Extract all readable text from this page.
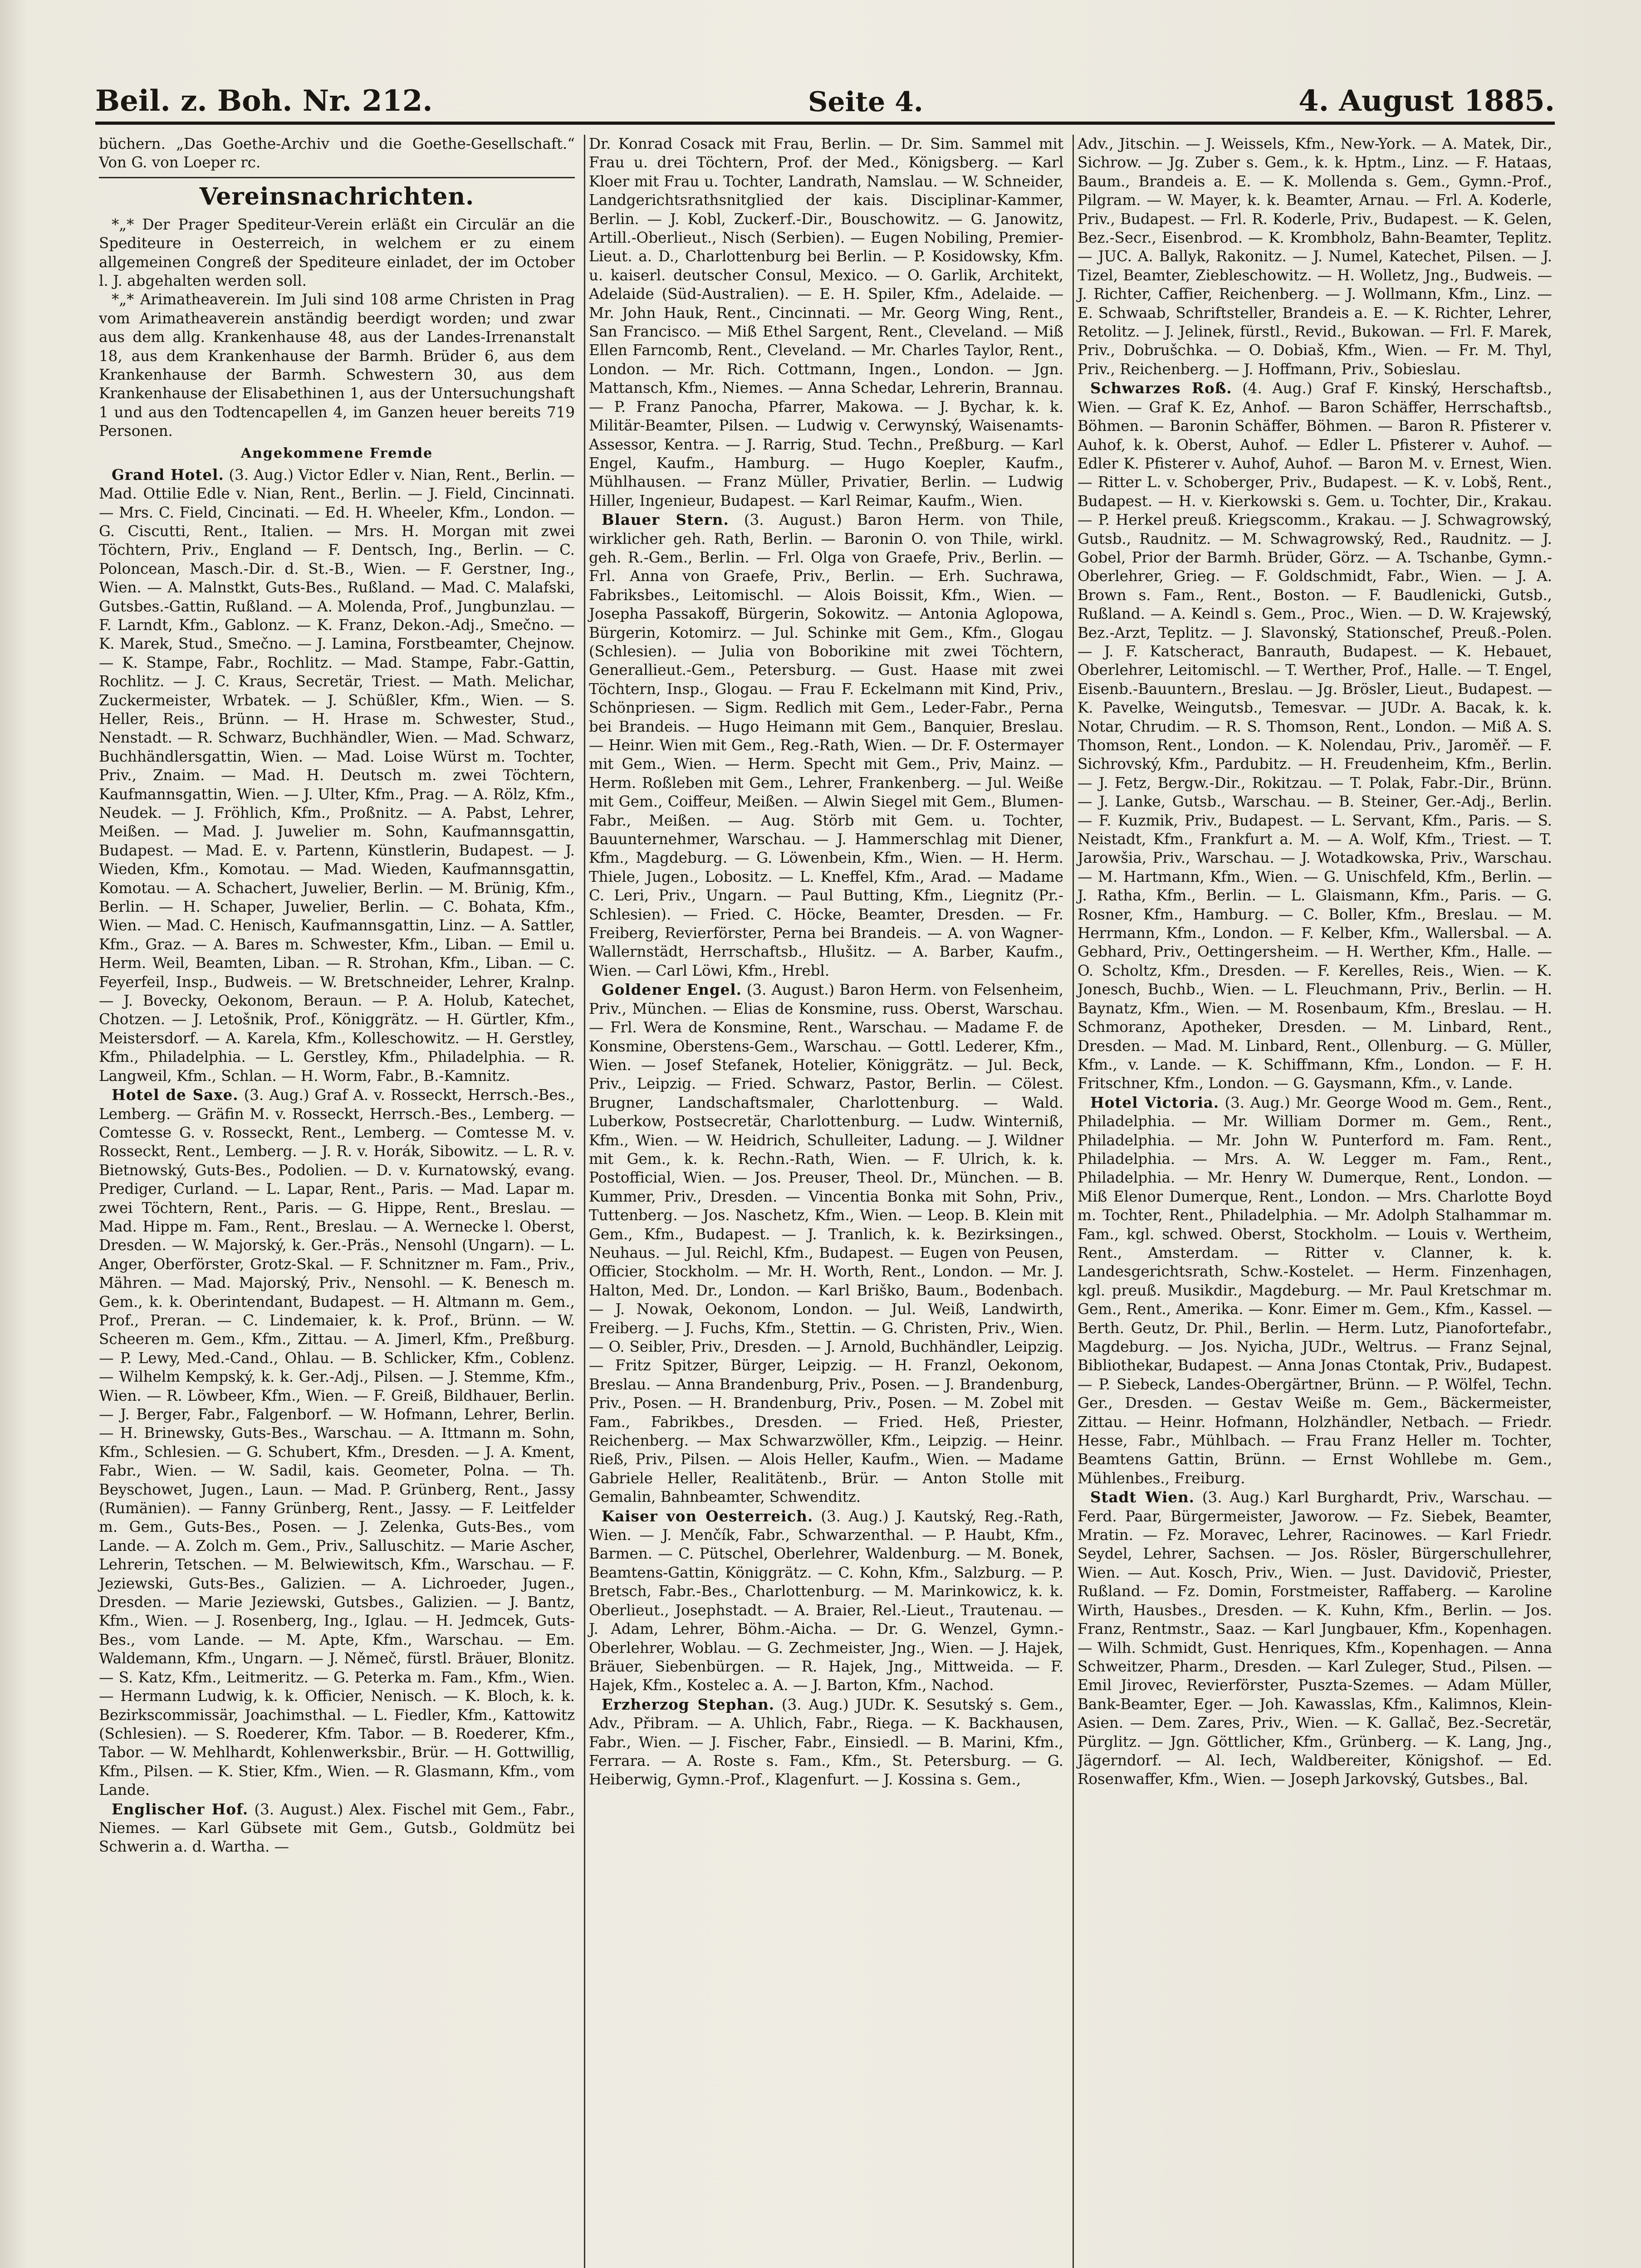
Beil. z. Boh. Nr. 212.	Seite 4.	4. August 1885.

büchern. „Das Goethe-Archiv und die Goethe-Gesellschaft.“ Von G. von Loeper rc.

Vereinsnachrichten.

*„* Der Prager Spediteur-Verein erläßt ein Circulär an die Spediteure in Oesterreich, in welchem er zu einem allgemeinen Congreß der Spediteure einladet, der im October l. J. abgehalten werden soll.

*„* Arimatheaverein. Im Juli sind 108 arme Christen in Prag vom Arimatheaverein anständig beerdigt worden; und zwar aus dem allg. Krankenhause 48, aus der Landes-Irrenanstalt 18, aus dem Krankenhause der Barmh. Brüder 6, aus dem Krankenhause der Barmh. Schwestern 30, aus dem Krankenhause der Elisabethinen 1, aus der Untersuchungshaft 1 und aus den Todtencapellen 4, im Ganzen heuer bereits 719 Personen.

Angekommene Fremde

Grand Hotel. (3. Aug.) Victor Edler v. Nian, Rent., Berlin. — Mad. Ottilie Edle v. Nian, Rent., Berlin. — J. Field, Cincinnati. — Mrs. C. Field, Cincinati. — Ed. H. Wheeler, Kfm., London. — G. Ciscutti, Rent., Italien. — Mrs. H. Morgan mit zwei Töchtern, Priv., England — F. Dentsch, Ing., Berlin. — C. Poloncean, Masch.-Dir. d. St.-B., Wien. — F. Gerstner, Ing., Wien. — A. Malnstkt, Guts-Bes., Rußland. — Mad. C. Malafski, Gutsbes.-Gattin, Rußland. — A. Molenda, Prof., Jungbunzlau. — F. Larndt, Kfm., Gablonz. — K. Franz, Dekon.-Adj., Smečno. — K. Marek, Stud., Smečno. — J. Lamina, Forstbeamter, Chejnow. — K. Stampe, Fabr., Rochlitz. — Mad. Stampe, Fabr.-Gattin, Rochlitz. — J. C. Kraus, Secretär, Triest. — Math. Melichar, Zuckermeister, Wrbatek. — J. Schüßler, Kfm., Wien. — S. Heller, Reis., Brünn. — H. Hrase m. Schwester, Stud., Nenstadt. — R. Schwarz, Buchhändler, Wien. — Mad. Schwarz, Buchhändlersgattin, Wien. — Mad. Loise Würst m. Tochter, Priv., Znaim. — Mad. H. Deutsch m. zwei Töchtern, Kaufmannsgattin, Wien. — J. Ulter, Kfm., Prag. — A. Rölz, Kfm., Neudek. — J. Fröhlich, Kfm., Proßnitz. — A. Pabst, Lehrer, Meißen. — Mad. J. Juwelier m. Sohn, Kaufmannsgattin, Budapest. — Mad. E. v. Partenn, Künstlerin, Budapest. — J. Wieden, Kfm., Komotau. — Mad. Wieden, Kaufmannsgattin, Komotau. — A. Schachert, Juwelier, Berlin. — M. Brünig, Kfm., Berlin. — H. Schaper, Juwelier, Berlin. — C. Bohata, Kfm., Wien. — Mad. C. Henisch, Kaufmannsgattin, Linz. — A. Sattler, Kfm., Graz. — A. Bares m. Schwester, Kfm., Liban. — Emil u. Herm. Weil, Beamten, Liban. — R. Strohan, Kfm., Liban. — C. Feyerfeil, Insp., Budweis. — W. Bretschneider, Lehrer, Kralnp. — J. Bovecky, Oekonom, Beraun. — P. A. Holub, Katechet, Chotzen. — J. Letošnik, Prof., Königgrätz. — H. Gürtler, Kfm., Meistersdorf. — A. Karela, Kfm., Kolleschowitz. — H. Gerstley, Kfm., Philadelphia. — L. Gerstley, Kfm., Philadelphia. — R. Langweil, Kfm., Schlan. — H. Worm, Fabr., B.-Kamnitz.

Hotel de Saxe. (3. Aug.) Graf A. v. Rosseckt, Herrsch.-Bes., Lemberg. — Gräfin M. v. Rosseckt, Herrsch.-Bes., Lemberg. — Comtesse G. v. Rosseckt, Rent., Lemberg. — Comtesse M. v. Rosseckt, Rent., Lemberg. — J. R. v. Horák, Sibowitz. — L. R. v. Bietnowský, Guts-Bes., Podolien. — D. v. Kurnatowský, evang. Prediger, Curland. — L. Lapar, Rent., Paris. — Mad. Lapar m. zwei Töchtern, Rent., Paris. — G. Hippe, Rent., Breslau. — Mad. Hippe m. Fam., Rent., Breslau. — A. Wernecke l. Oberst, Dresden. — W. Majorský, k. Ger.-Präs., Nensohl (Ungarn). — L. Anger, Oberförster, Grotz-Skal. — F. Schnitzner m. Fam., Priv., Mähren. — Mad. Majorský, Priv., Nensohl. — K. Benesch m. Gem., k. k. Oberintendant, Budapest. — H. Altmann m. Gem., Prof., Preran. — C. Lindemaier, k. k. Prof., Brünn. — W. Scheeren m. Gem., Kfm., Zittau. — A. Jimerl, Kfm., Preßburg. — P. Lewy, Med.-Cand., Ohlau. — B. Schlicker, Kfm., Coblenz. — Wilhelm Kempský, k. k. Ger.-Adj., Pilsen. — J. Stemme, Kfm., Wien. — R. Löwbeer, Kfm., Wien. — F. Greiß, Bildhauer, Berlin. — J. Berger, Fabr., Falgenborf. — W. Hofmann, Lehrer, Berlin. — H. Brinewsky, Guts-Bes., Warschau. — A. Ittmann m. Sohn, Kfm., Schlesien. — G. Schubert, Kfm., Dresden. — J. A. Kment, Fabr., Wien. — W. Sadil, kais. Geometer, Polna. — Th. Beyschowet, Jugen., Laun. — Mad. P. Grünberg, Rent., Jassy (Rumänien). — Fanny Grünberg, Rent., Jassy. — F. Leitfelder m. Gem., Guts-Bes., Posen. — J. Zelenka, Guts-Bes., vom Lande. — A. Zolch m. Gem., Priv., Salluschitz. — Marie Ascher, Lehrerin, Tetschen. — M. Belwiewitsch, Kfm., Warschau. — F. Jeziewski, Guts-Bes., Galizien. — A. Lichroeder, Jugen., Dresden. — Marie Jeziewski, Gutsbes., Galizien. — J. Bantz, Kfm., Wien. — J. Rosenberg, Ing., Iglau. — H. Jedmcek, Guts-Bes., vom Lande. — M. Apte, Kfm., Warschau. — Em. Waldemann, Kfm., Ungarn. — J. Němeč, fürstl. Bräuer, Blonitz. — S. Katz, Kfm., Leitmeritz. — G. Peterka m. Fam., Kfm., Wien. — Hermann Ludwig, k. k. Officier, Nenisch. — K. Bloch, k. k. Bezirkscommissär, Joachimsthal. — L. Fiedler, Kfm., Kattowitz (Schlesien). — S. Roederer, Kfm. Tabor. — B. Roederer, Kfm., Tabor. — W. Mehlhardt, Kohlenwerksbir., Brür. — H. Gottwillig, Kfm., Pilsen. — K. Stier, Kfm., Wien. — R. Glasmann, Kfm., vom Lande.

Englischer Hof. (3. August.) Alex. Fischel mit Gem., Fabr., Niemes. — Karl Gübsete mit Gem., Gutsb., Goldmütz bei Schwerin a. d. Wartha. —

Dr. Konrad Cosack mit Frau, Berlin. — Dr. Sim. Sammel mit Frau u. drei Töchtern, Prof. der Med., Königsberg. — Karl Kloer mit Frau u. Tochter, Landrath, Namslau. — W. Schneider, Landgerichtsrathsnitglied der kais. Disciplinar-Kammer, Berlin. — J. Kobl, Zuckerf.-Dir., Bouschowitz. — G. Janowitz, Artill.-Oberlieut., Nisch (Serbien). — Eugen Nobiling, Premier-Lieut. a. D., Charlottenburg bei Berlin. — P. Kosidowsky, Kfm. u. kaiserl. deutscher Consul, Mexico. — O. Garlik, Architekt, Adelaide (Süd-Australien). — E. H. Spiler, Kfm., Adelaide. — Mr. John Hauk, Rent., Cincinnati. — Mr. Georg Wing, Rent., San Francisco. — Miß Ethel Sargent, Rent., Cleveland. — Miß Ellen Farncomb, Rent., Cleveland. — Mr. Charles Taylor, Rent., London. — Mr. Rich. Cottmann, Ingen., London. — Jgn. Mattansch, Kfm., Niemes. — Anna Schedar, Lehrerin, Brannau. — P. Franz Panocha, Pfarrer, Makowa. — J. Bychar, k. k. Militär-Beamter, Pilsen. — Ludwig v. Cerwynský, Waisenamts-Assessor, Kentra. — J. Rarrig, Stud. Techn., Preßburg. — Karl Engel, Kaufm., Hamburg. — Hugo Koepler, Kaufm., Mühlhausen. — Franz Müller, Privatier, Berlin. — Ludwig Hiller, Ingenieur, Budapest. — Karl Reimar, Kaufm., Wien.

Blauer Stern. (3. August.) Baron Herm. von Thile, wirklicher geh. Rath, Berlin. — Baronin O. von Thile, wirkl. geh. R.-Gem., Berlin. — Frl. Olga von Graefe, Priv., Berlin. — Frl. Anna von Graefe, Priv., Berlin. — Erh. Suchrawa, Fabriksbes., Leitomischl. — Alois Boissit, Kfm., Wien. — Josepha Passakoff, Bürgerin, Sokowitz. — Antonia Aglopowa, Bürgerin, Kotomirz. — Jul. Schinke mit Gem., Kfm., Glogau (Schlesien). — Julia von Boborikine mit zwei Töchtern, Generallieut.-Gem., Petersburg. — Gust. Haase mit zwei Töchtern, Insp., Glogau. — Frau F. Eckelmann mit Kind, Priv., Schönpriesen. — Sigm. Redlich mit Gem., Leder-Fabr., Perna bei Brandeis. — Hugo Heimann mit Gem., Banquier, Breslau. — Heinr. Wien mit Gem., Reg.-Rath, Wien. — Dr. F. Ostermayer mit Gem., Wien. — Herm. Specht mit Gem., Priv, Mainz. — Herm. Roßleben mit Gem., Lehrer, Frankenberg. — Jul. Weiße mit Gem., Coiffeur, Meißen. — Alwin Siegel mit Gem., Blumen-Fabr., Meißen. — Aug. Störb mit Gem. u. Tochter, Bauunternehmer, Warschau. — J. Hammerschlag mit Diener, Kfm., Magdeburg. — G. Löwenbein, Kfm., Wien. — H. Herm. Thiele, Jugen., Lobositz. — L. Kneffel, Kfm., Arad. — Madame C. Leri, Priv., Ungarn. — Paul Butting, Kfm., Liegnitz (Pr.-Schlesien). — Fried. C. Höcke, Beamter, Dresden. — Fr. Freiberg, Revierförster, Perna bei Brandeis. — A. von Wagner-Wallernstädt, Herrschaftsb., Hlušitz. — A. Barber, Kaufm., Wien. — Carl Löwi, Kfm., Hrebl.

Goldener Engel. (3. August.) Baron Herm. von Felsenheim, Priv., München. — Elias de Konsmine, russ. Oberst, Warschau. — Frl. Wera de Konsmine, Rent., Warschau. — Madame F. de Konsmine, Oberstens-Gem., Warschau. — Gottl. Lederer, Kfm., Wien. — Josef Stefanek, Hotelier, Königgrätz. — Jul. Beck, Priv., Leipzig. — Fried. Schwarz, Pastor, Berlin. — Cölest. Brugner, Landschaftsmaler, Charlottenburg. — Wald. Luberkow, Postsecretär, Charlottenburg. — Ludw. Winterniß, Kfm., Wien. — W. Heidrich, Schulleiter, Ladung. — J. Wildner mit Gem., k. k. Rechn.-Rath, Wien. — F. Ulrich, k. k. Postofficial, Wien. — Jos. Preuser, Theol. Dr., München. — B. Kummer, Priv., Dresden. — Vincentia Bonka mit Sohn, Priv., Tuttenberg. — Jos. Naschetz, Kfm., Wien. — Leop. B. Klein mit Gem., Kfm., Budapest. — J. Tranlich, k. k. Bezirksingen., Neuhaus. — Jul. Reichl, Kfm., Budapest. — Eugen von Peusen, Officier, Stockholm. — Mr. H. Worth, Rent., London. — Mr. J. Halton, Med. Dr., London. — Karl Briško, Baum., Bodenbach. — J. Nowak, Oekonom, London. — Jul. Weiß, Landwirth, Freiberg. — J. Fuchs, Kfm., Stettin. — G. Christen, Priv., Wien. — O. Seibler, Priv., Dresden. — J. Arnold, Buchhändler, Leipzig. — Fritz Spitzer, Bürger, Leipzig. — H. Franzl, Oekonom, Breslau. — Anna Brandenburg, Priv., Posen. — J. Brandenburg, Priv., Posen. — H. Brandenburg, Priv., Posen. — M. Zobel mit Fam., Fabrikbes., Dresden. — Fried. Heß, Priester, Reichenberg. — Max Schwarzwöller, Kfm., Leipzig. — Heinr. Rieß, Priv., Pilsen. — Alois Heller, Kaufm., Wien. — Madame Gabriele Heller, Realitätenb., Brür. — Anton Stolle mit Gemalin, Bahnbeamter, Schwenditz.

Kaiser von Oesterreich. (3. Aug.) J. Kautský, Reg.-Rath, Wien. — J. Menčík, Fabr., Schwarzenthal. — P. Haubt, Kfm., Barmen. — C. Pütschel, Oberlehrer, Waldenburg. — M. Bonek, Beamtens-Gattin, Königgrätz. — C. Kohn, Kfm., Salzburg. — P. Bretsch, Fabr.-Bes., Charlottenburg. — M. Marinkowicz, k. k. Oberlieut., Josephstadt. — A. Braier, Rel.-Lieut., Trautenau. — J. Adam, Lehrer, Böhm.-Aicha. — Dr. G. Wenzel, Gymn.-Oberlehrer, Woblau. — G. Zechmeister, Jng., Wien. — J. Hajek, Bräuer, Siebenbürgen. — R. Hajek, Jng., Mittweida. — F. Hajek, Kfm., Kostelec a. A. — J. Barton, Kfm., Nachod.

Erzherzog Stephan. (3. Aug.) JUDr. K. Sesutský s. Gem., Adv., Přibram. — A. Uhlich, Fabr., Riega. — K. Backhausen, Fabr., Wien. — J. Fischer, Fabr., Einsiedl. — B. Marini, Kfm., Ferrara. — A. Roste s. Fam., Kfm., St. Petersburg. — G. Heiberwig, Gymn.-Prof., Klagenfurt. — J. Kossina s. Gem.,

Adv., Jitschin. — J. Weissels, Kfm., New-York. — A. Matek, Dir., Sichrow. — Jg. Zuber s. Gem., k. k. Hptm., Linz. — F. Hataas, Baum., Brandeis a. E. — K. Mollenda s. Gem., Gymn.-Prof., Pilgram. — W. Mayer, k. k. Beamter, Arnau. — Frl. A. Koderle, Priv., Budapest. — Frl. R. Koderle, Priv., Budapest. — K. Gelen, Bez.-Secr., Eisenbrod. — K. Krombholz, Bahn-Beamter, Teplitz. — JUC. A. Ballyk, Rakonitz. — J. Numel, Katechet, Pilsen. — J. Tizel, Beamter, Ziebleschowitz. — H. Wolletz, Jng., Budweis. — J. Richter, Caffier, Reichenberg. — J. Wollmann, Kfm., Linz. — E. Schwaab, Schriftsteller, Brandeis a. E. — K. Richter, Lehrer, Retolitz. — J. Jelinek, fürstl., Revid., Bukowan. — Frl. F. Marek, Priv., Dobrušchka. — O. Dobiaš, Kfm., Wien. — Fr. M. Thyl, Priv., Reichenberg. — J. Hoffmann, Priv., Sobieslau.

Schwarzes Roß. (4. Aug.) Graf F. Kinský, Herschaftsb., Wien. — Graf K. Ez, Anhof. — Baron Schäffer, Herrschaftsb., Böhmen. — Baronin Schäffer, Böhmen. — Baron R. Pfisterer v. Auhof, k. k. Oberst, Auhof. — Edler L. Pfisterer v. Auhof. — Edler K. Pfisterer v. Auhof, Auhof. — Baron M. v. Ernest, Wien. — Ritter L. v. Schoberger, Priv., Budapest. — K. v. Lobš, Rent., Budapest. — H. v. Kierkowski s. Gem. u. Tochter, Dir., Krakau. — P. Herkel preuß. Kriegscomm., Krakau. — J. Schwagrowský, Gutsb., Raudnitz. — M. Schwagrowský, Red., Raudnitz. — J. Gobel, Prior der Barmh. Brüder, Görz. — A. Tschanbe, Gymn.-Oberlehrer, Grieg. — F. Goldschmidt, Fabr., Wien. — J. A. Brown s. Fam., Rent., Boston. — F. Baudlenicki, Gutsb., Rußland. — A. Keindl s. Gem., Proc., Wien. — D. W. Krajewský, Bez.-Arzt, Teplitz. — J. Slavonský, Stationschef, Preuß.-Polen. — J. F. Katscheract, Banrauth, Budapest. — K. Hebauet, Oberlehrer, Leitomischl. — T. Werther, Prof., Halle. — T. Engel, Eisenb.-Bauuntern., Breslau. — Jg. Brösler, Lieut., Budapest. — K. Pavelke, Weingutsb., Temesvar. — JUDr. A. Bacak, k. k. Notar, Chrudim. — R. S. Thomson, Rent., London. — Miß A. S. Thomson, Rent., London. — K. Nolendau, Priv., Jaroměř. — F. Sichrovský, Kfm., Pardubitz. — H. Freudenheim, Kfm., Berlin. — J. Fetz, Bergw.-Dir., Rokitzau. — T. Polak, Fabr.-Dir., Brünn. — J. Lanke, Gutsb., Warschau. — B. Steiner, Ger.-Adj., Berlin. — F. Kuzmik, Priv., Budapest. — L. Servant, Kfm., Paris. — S. Neistadt, Kfm., Frankfurt a. M. — A. Wolf, Kfm., Triest. — T. Jarowšia, Priv., Warschau. — J. Wotadkowska, Priv., Warschau. — M. Hartmann, Kfm., Wien. — G. Unischfeld, Kfm., Berlin. — J. Ratha, Kfm., Berlin. — L. Glaismann, Kfm., Paris. — G. Rosner, Kfm., Hamburg. — C. Boller, Kfm., Breslau. — M. Herrmann, Kfm., London. — F. Kelber, Kfm., Wallersbal. — A. Gebhard, Priv., Oettingersheim. — H. Werther, Kfm., Halle. — O. Scholtz, Kfm., Dresden. — F. Kerelles, Reis., Wien. — K. Jonesch, Buchb., Wien. — L. Fleuchmann, Priv., Berlin. — H. Baynatz, Kfm., Wien. — M. Rosenbaum, Kfm., Breslau. — H. Schmoranz, Apotheker, Dresden. — M. Linbard, Rent., Dresden. — Mad. M. Linbard, Rent., Ollenburg. — G. Müller, Kfm., v. Lande. — K. Schiffmann, Kfm., London. — F. H. Fritschner, Kfm., London. — G. Gaysmann, Kfm., v. Lande.

Hotel Victoria. (3. Aug.) Mr. George Wood m. Gem., Rent., Philadelphia. — Mr. William Dormer m. Gem., Rent., Philadelphia. — Mr. John W. Punterford m. Fam. Rent., Philadelphia. — Mrs. A. W. Legger m. Fam., Rent., Philadelphia. — Mr. Henry W. Dumerque, Rent., London. — Miß Elenor Dumerque, Rent., London. — Mrs. Charlotte Boyd m. Tochter, Rent., Philadelphia. — Mr. Adolph Stalhammar m. Fam., kgl. schwed. Oberst, Stockholm. — Louis v. Wertheim, Rent., Amsterdam. — Ritter v. Clanner, k. k. Landesgerichtsrath, Schw.-Kostelet. — Herm. Finzenhagen, kgl. preuß. Musikdir., Magdeburg. — Mr. Paul Kretschmar m. Gem., Rent., Amerika. — Konr. Eimer m. Gem., Kfm., Kassel. — Berth. Geutz, Dr. Phil., Berlin. — Herm. Lutz, Pianofortefabr., Magdeburg. — Jos. Nyicha, JUDr., Weltrus. — Franz Sejnal, Bibliothekar, Budapest. — Anna Jonas Ctontak, Priv., Budapest. — P. Siebeck, Landes-Obergärtner, Brünn. — P. Wölfel, Techn. Ger., Dresden. — Gestav Weiße m. Gem., Bäckermeister, Zittau. — Heinr. Hofmann, Holzhändler, Netbach. — Friedr. Hesse, Fabr., Mühlbach. — Frau Franz Heller m. Tochter, Beamtens Gattin, Brünn. — Ernst Wohllebe m. Gem., Mühlenbes., Freiburg.

Stadt Wien. (3. Aug.) Karl Burghardt, Priv., Warschau. — Ferd. Paar, Bürgermeister, Jaworow. — Fz. Siebek, Beamter, Mratin. — Fz. Moravec, Lehrer, Racinowes. — Karl Friedr. Seydel, Lehrer, Sachsen. — Jos. Rösler, Bürgerschullehrer, Wien. — Aut. Kosch, Priv., Wien. — Just. Davidovič, Priester, Rußland. — Fz. Domin, Forstmeister, Raffaberg. — Karoline Wirth, Hausbes., Dresden. — K. Kuhn, Kfm., Berlin. — Jos. Franz, Rentmstr., Saaz. — Karl Jungbauer, Kfm., Kopenhagen. — Wilh. Schmidt, Gust. Henriques, Kfm., Kopenhagen. — Anna Schweitzer, Pharm., Dresden. — Karl Zuleger, Stud., Pilsen. — Emil Jirovec, Revierförster, Puszta-Szemes. — Adam Müller, Bank-Beamter, Eger. — Joh. Kawasslas, Kfm., Kalimnos, Klein-Asien. — Dem. Zares, Priv., Wien. — K. Gallač, Bez.-Secretär, Pürglitz. — Jgn. Göttlicher, Kfm., Grünberg. — K. Lang, Jng., Jägerndorf. — Al. Iech, Waldbereiter, Königshof. — Ed. Rosenwaffer, Kfm., Wien. — Joseph Jarkovský, Gutsbes., Bal.
